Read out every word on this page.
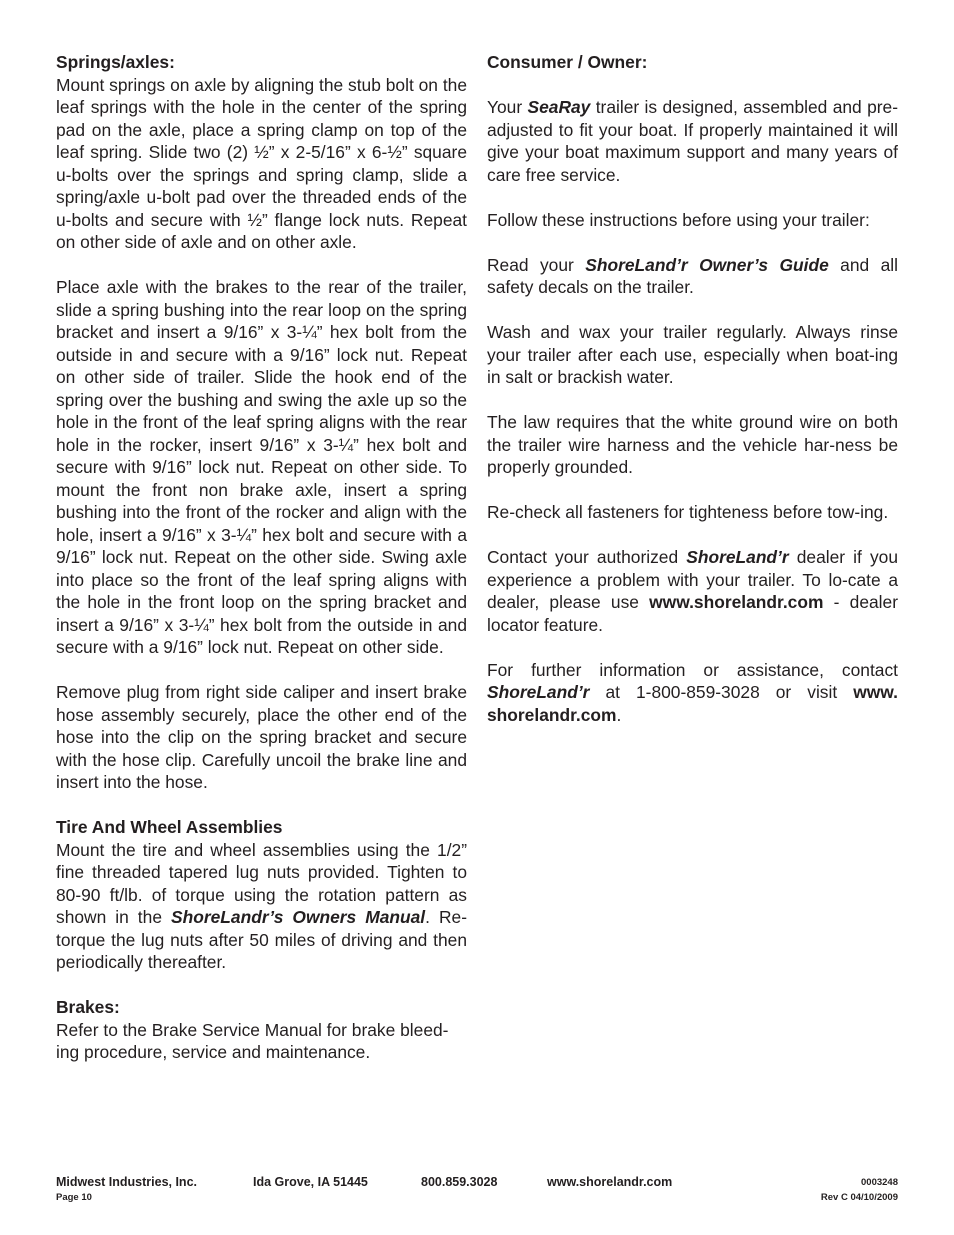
Springs/axles:

Mount springs on axle by aligning the stub bolt on the leaf springs with the hole in the center of the spring pad on the axle, place a spring clamp on top of the leaf spring. Slide two (2) ½” x 2-5/16” x 6-½” square u-bolts over the springs and spring clamp, slide a spring/axle u-bolt pad over the threaded ends of the u-bolts and secure with ½” flange lock nuts. Repeat on other side of axle and on other axle.

Place axle with the brakes to the rear of the trailer, slide a spring bushing into the rear loop on the spring bracket and insert a 9/16” x 3-¼” hex bolt from the outside in and secure with a 9/16” lock nut. Repeat on other side of trailer. Slide the hook end of the spring over the bushing and swing the axle up so the hole in the front of the leaf spring aligns with the rear hole in the rocker, insert 9/16” x 3-¼” hex bolt and secure with 9/16” lock nut. Repeat on other side. To mount the front non brake axle, insert a spring bushing into the front of the rocker and align with the hole, insert a 9/16” x 3-¼” hex bolt and secure with a 9/16” lock nut. Repeat on the other side. Swing axle into place so the front of the leaf spring aligns with the hole in the front loop on the spring bracket and insert a 9/16” x 3-¼” hex bolt from the outside in and secure with a 9/16” lock nut. Repeat on other side.

Remove plug from right side caliper and insert brake hose assembly securely, place the other end of the hose into the clip on the spring bracket and secure with the hose clip. Carefully uncoil the brake line and insert into the hose.

Tire And Wheel Assemblies

Mount the tire and wheel assemblies using the 1/2” fine threaded tapered lug nuts provided. Tighten to 80-90 ft/lb. of torque using the rotation pattern as shown in the ShoreLandr’s Owners Manual. Re-torque the lug nuts after 50 miles of driving and then periodically thereafter.

Brakes:

Refer to the Brake Service Manual for brake bleed-ing procedure, service and maintenance.

Consumer / Owner:

Your SeaRay trailer is designed, assembled and pre-adjusted to fit your boat. If properly maintained it will give your boat maximum support and many years of care free service.

Follow these instructions before using your trailer:

Read your ShoreLand’r Owner’s Guide and all safety decals on the trailer.

Wash and wax your trailer regularly. Always rinse your trailer after each use, especially when boat-ing in salt or brackish water.

The law requires that the white ground wire on both the trailer wire harness and the vehicle har-ness be properly grounded.

Re-check all fasteners for tighteness before tow-ing.

Contact your authorized ShoreLand’r dealer if you experience a problem with your trailer. To lo-cate a dealer, please use www.shorelandr.com - dealer locator feature.

For further information or assistance, contact ShoreLand’r at 1-800-859-3028 or visit www. shorelandr.com.

Midwest Industries, Inc.	Ida Grove, IA 51445	800.859.3028	www.shorelandr.com	0003248
Page 10	Rev C 04/10/2009
